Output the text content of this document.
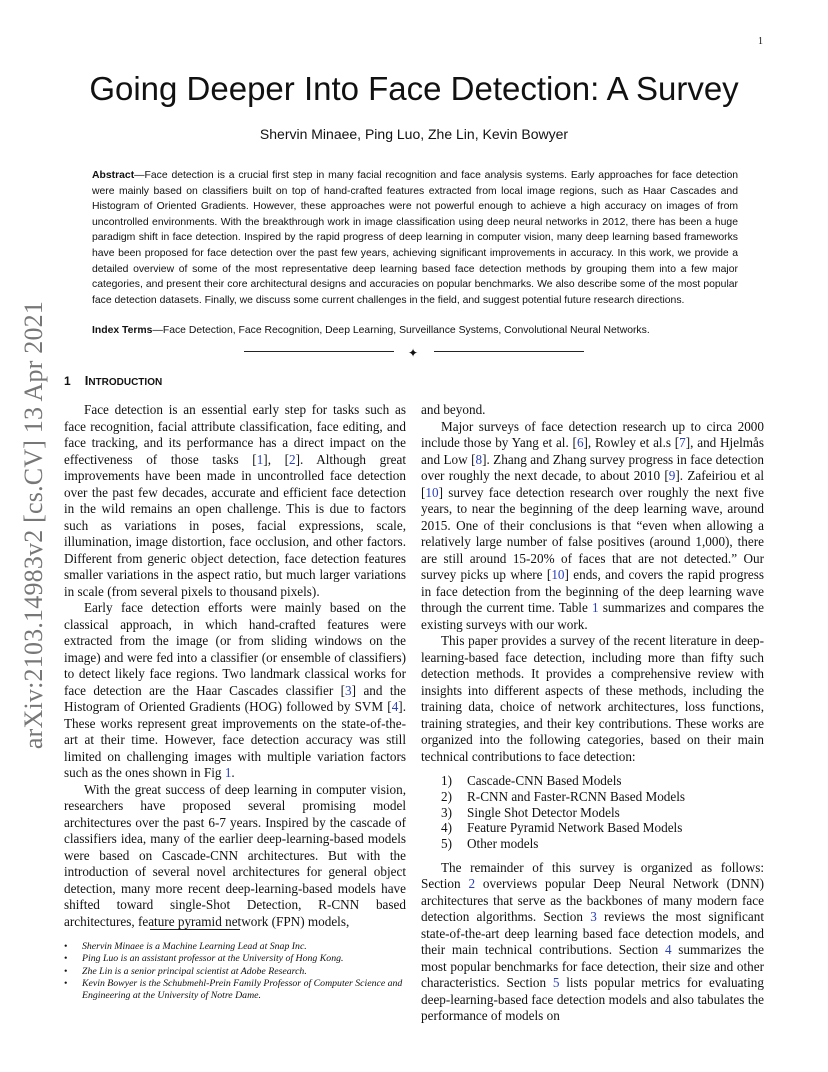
1
arXiv:2103.14983v2 [cs.CV] 13 Apr 2021
Going Deeper Into Face Detection: A Survey
Shervin Minaee, Ping Luo, Zhe Lin, Kevin Bowyer
Abstract—Face detection is a crucial first step in many facial recognition and face analysis systems. Early approaches for face detection were mainly based on classifiers built on top of hand-crafted features extracted from local image regions, such as Haar Cascades and Histogram of Oriented Gradients. However, these approaches were not powerful enough to achieve a high accuracy on images of from uncontrolled environments. With the breakthrough work in image classification using deep neural networks in 2012, there has been a huge paradigm shift in face detection. Inspired by the rapid progress of deep learning in computer vision, many deep learning based frameworks have been proposed for face detection over the past few years, achieving significant improvements in accuracy. In this work, we provide a detailed overview of some of the most representative deep learning based face detection methods by grouping them into a few major categories, and present their core architectural designs and accuracies on popular benchmarks. We also describe some of the most popular face detection datasets. Finally, we discuss some current challenges in the field, and suggest potential future research directions.
Index Terms—Face Detection, Face Recognition, Deep Learning, Surveillance Systems, Convolutional Neural Networks.
✦
1 INTRODUCTION

Face detection is an essential early step for tasks such as face recognition, facial attribute classification, face editing, and face tracking, and its performance has a direct impact on the effectiveness of those tasks [1], [2]. Although great improvements have been made in uncontrolled face detection over the past few decades, accurate and efficient face detection in the wild remains an open challenge. This is due to factors such as variations in poses, facial expressions, scale, illumination, image distortion, face occlusion, and other factors. Different from generic object detection, face detection features smaller variations in the aspect ratio, but much larger variations in scale (from several pixels to thousand pixels).

Early face detection efforts were mainly based on the classical approach, in which hand-crafted features were extracted from the image (or from sliding windows on the image) and were fed into a classifier (or ensemble of classifiers) to detect likely face regions. Two landmark classical works for face detection are the Haar Cascades classifier [3] and the Histogram of Oriented Gradients (HOG) followed by SVM [4]. These works represent great improvements on the state-of-the-art at their time. However, face detection accuracy was still limited on challenging images with multiple variation factors such as the ones shown in Fig 1.

With the great success of deep learning in computer vision, researchers have proposed several promising model architectures over the past 6-7 years. Inspired by the cascade of classifiers idea, many of the earlier deep-learning-based models were based on Cascade-CNN architectures. But with the introduction of several novel architectures for general object detection, many more recent deep-learning-based models have shifted toward single-Shot Detection, R-CNN based architectures, feature pyramid network (FPN) models,

• Shervin Minaee is a Machine Learning Lead at Snap Inc.
• Ping Luo is an assistant professor at the University of Hong Kong.
• Zhe Lin is a senior principal scientist at Adobe Research.
• Kevin Bowyer is the Schubmehl-Prein Family Professor of Computer Science and Engineering at the University of Notre Dame.

and beyond.

Major surveys of face detection research up to circa 2000 include those by Yang et al. [6], Rowley et al.s [7], and Hjelmås and Low [8]. Zhang and Zhang survey progress in face detection over roughly the next decade, to about 2010 [9]. Zafeiriou et al [10] survey face detection research over roughly the next five years, to near the beginning of the deep learning wave, around 2015. One of their conclusions is that “even when allowing a relatively large number of false positives (around 1,000), there are still around 15-20% of faces that are not detected.” Our survey picks up where [10] ends, and covers the rapid progress in face detection from the beginning of the deep learning wave through the current time. Table 1 summarizes and compares the existing surveys with our work.

This paper provides a survey of the recent literature in deep-learning-based face detection, including more than fifty such detection methods. It provides a comprehensive review with insights into different aspects of these methods, including the training data, choice of network architectures, loss functions, training strategies, and their key contributions. These works are organized into the following categories, based on their main technical contributions to face detection:

1) Cascade-CNN Based Models
2) R-CNN and Faster-RCNN Based Models
3) Single Shot Detector Models
4) Feature Pyramid Network Based Models
5) Other models

The remainder of this survey is organized as follows: Section 2 overviews popular Deep Neural Network (DNN) architectures that serve as the backbones of many modern face detection algorithms. Section 3 reviews the most significant state-of-the-art deep learning based face detection models, and their main technical contributions. Section 4 summarizes the most popular benchmarks for face detection, their size and other characteristics. Section 5 lists popular metrics for evaluating deep-learning-based face detection models and also tabulates the performance of models on
